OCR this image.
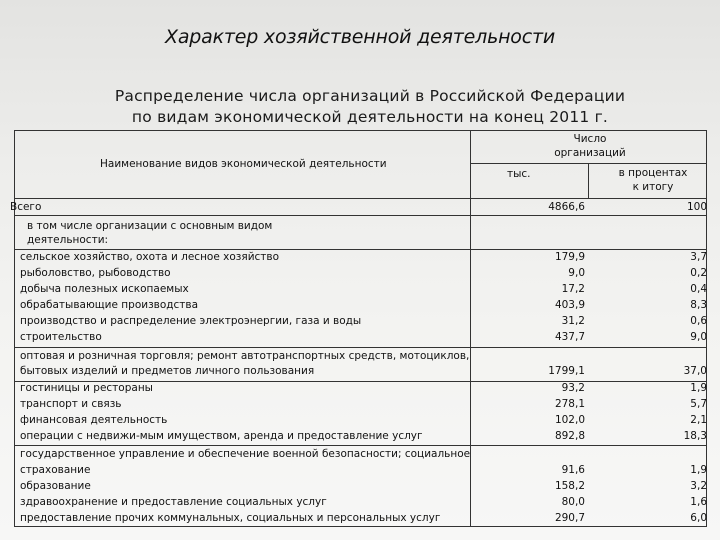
Характер хозяйственной деятельности
Распределение числа организаций в Российской Федерации
по видам экономической деятельности на конец 2011 г.
Наименование видов экономической деятельности
Число
организаций
тыс.	в процентах
к итогу
Всего	4866,6	100
в том числе организации с основным видом
деятельности:
сельское хозяйство, охота и лесное хозяйство	179,9	3,7
рыболовство, рыбоводство	9,0	0,2
добыча полезных ископаемых	17,2	0,4
обрабатывающие производства	403,9	8,3
производство и распределение электроэнергии, газа и воды	31,2	0,6
строительство	437,7	9,0
оптовая и розничная торговля; ремонт автотранспортных средств, мотоциклов,
бытовых изделий и предметов личного пользования	1799,1	37,0
гостиницы и рестораны	93,2	1,9
транспорт и связь	278,1	5,7
финансовая деятельность	102,0	2,1
операции с недвижи-мым имуществом, аренда и предоставление услуг	892,8	18,3
государственное управление и обеспечение военной безопасности; социальное
страхование	91,6	1,9
образование	158,2	3,2
здравоохранение и предоставление социальных услуг	80,0	1,6
предоставление прочих коммунальных, социальных и персональных услуг	290,7	6,0
